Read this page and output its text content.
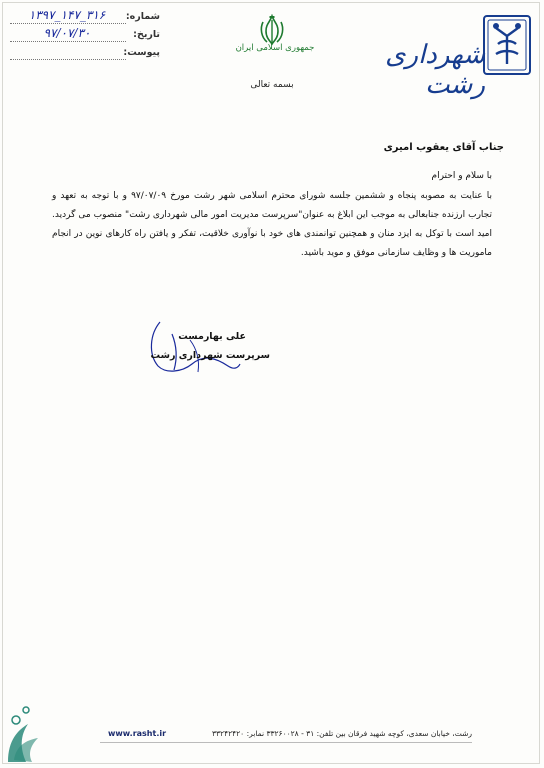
شماره:
۱۳۹۷_۱۴۷_۳۱۶
تاریخ:
۹۷/۰۷/۳۰
پیوست:	جمهوری اسلامی ایران
بسمه تعالی
شهرداری رشت
جناب آقای یعقوب امیری
با سلام و احترام
با عنایت به مصوبه پنجاه و ششمین جلسه شورای محترم اسلامی شهر رشت مورخ ۹۷/۰۷/۰۹ و با توجه به تعهد و تجارب ارزنده جنابعالی به موجب این ابلاغ به عنوان"سرپرست مدیریت امور مالی شهرداری رشت" منصوب می گردید. امید است با توکل به ایزد منان و همچنین توانمندی های خود با نوآوری خلاقیت، تفکر و یافتن راه کارهای نوین در انجام ماموریت ها و وظایف سازمانی موفق و موید باشید.
علی بهارمست
سرپرست شهرداری رشت
رشت، خیابان سعدی، کوچه شهید فرقان بین تلفن: ۳۱ - ۳۳۲۶۰۰۲۸ نمابر: ۳۳۲۴۲۴۲۰
www.rasht.ir
